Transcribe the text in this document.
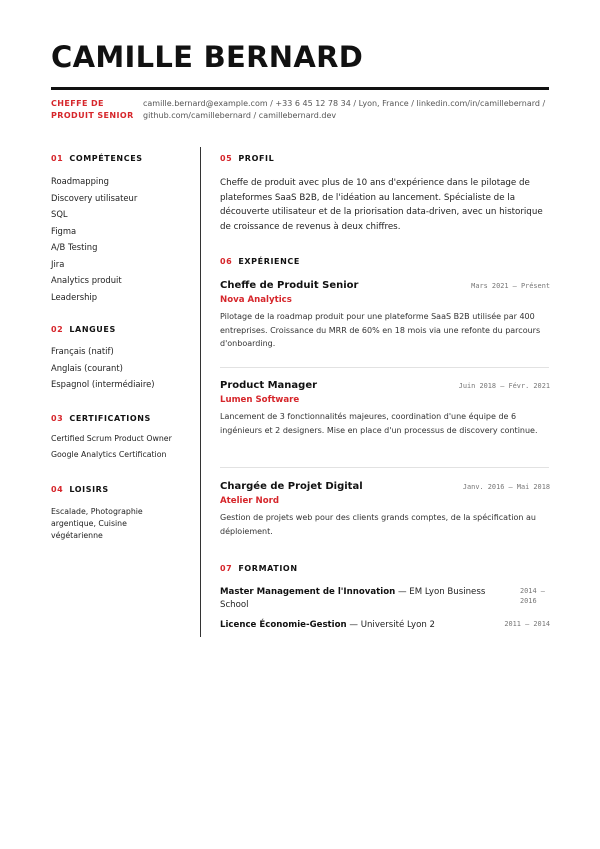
CAMILLE BERNARD
CHEFFE DE PRODUIT SENIOR
camille.bernard@example.com / +33 6 45 12 78 34 / Lyon, France / linkedin.com/in/camillebernard / github.com/camillebernard / camillebernard.dev
01 COMPÉTENCES
Roadmapping
Discovery utilisateur
SQL
Figma
A/B Testing
Jira
Analytics produit
Leadership
02 LANGUES
Français (natif)
Anglais (courant)
Espagnol (intermédiaire)
03 CERTIFICATIONS
Certified Scrum Product Owner
Google Analytics Certification
04 LOISIRS
Escalade, Photographie argentique, Cuisine végétarienne
05 PROFIL
Cheffe de produit avec plus de 10 ans d'expérience dans le pilotage de plateformes SaaS B2B, de l'idéation au lancement. Spécialiste de la découverte utilisateur et de la priorisation data-driven, avec un historique de croissance de revenus à deux chiffres.
06 EXPÉRIENCE
Cheffe de Produit Senior	Mars 2021 — Présent
Nova Analytics
Pilotage de la roadmap produit pour une plateforme SaaS B2B utilisée par 400 entreprises. Croissance du MRR de 60% en 18 mois via une refonte du parcours d'onboarding.
Product Manager	Juin 2018 — Févr. 2021
Lumen Software
Lancement de 3 fonctionnalités majeures, coordination d'une équipe de 6 ingénieurs et 2 designers. Mise en place d'un processus de discovery continue.
Chargée de Projet Digital	Janv. 2016 — Mai 2018
Atelier Nord
Gestion de projets web pour des clients grands comptes, de la spécification au déploiement.
07 FORMATION
Master Management de l'Innovation — EM Lyon Business School
2014 — 2016
Licence Économie-Gestion — Université Lyon 2	2011 — 2014
